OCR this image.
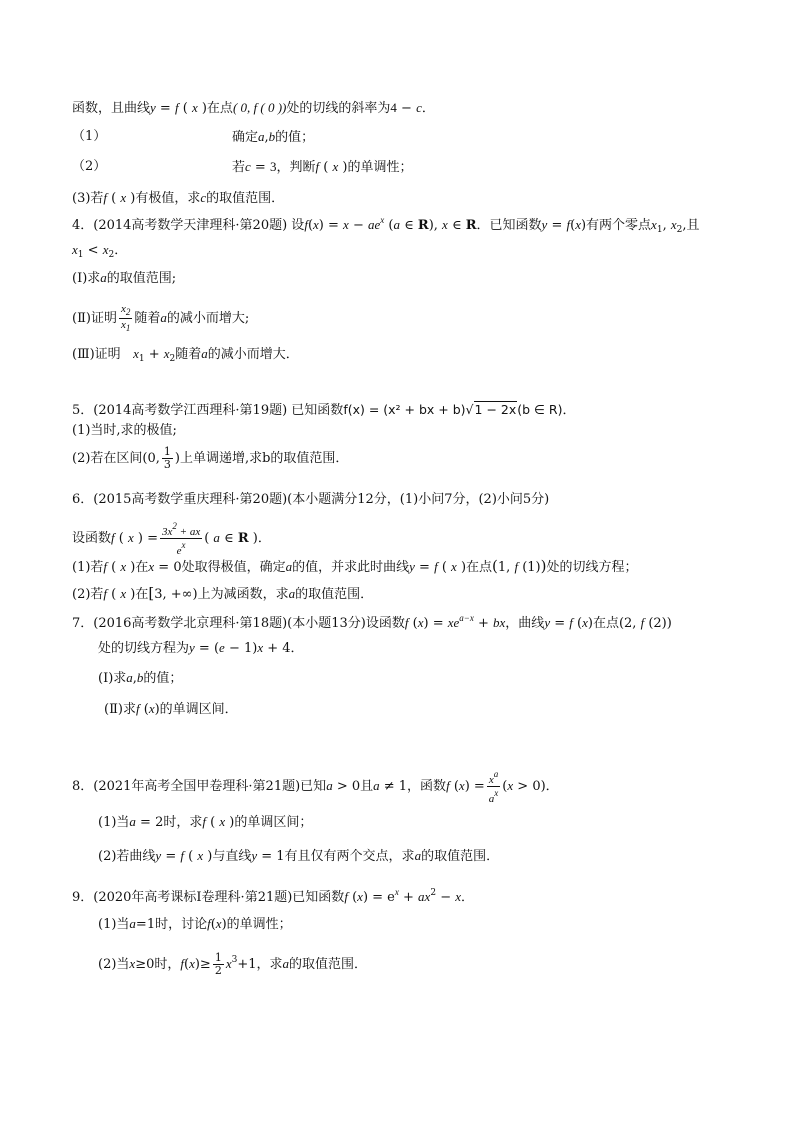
函数，且曲线y = f ( x )在点( 0, f ( 0 ))处的切线的斜率为4 − c．
（1）	确定a,b的值；
（2）	若c = 3，判断f ( x )的单调性；
(3)若f ( x )有极值，求c的取值范围．
4．(2014高考数学天津理科·第20题) 设$f(x) = x - ae^x$ (a ∈ R), x ∈ R．已知函数y = f(x)有两个零点$x_1$, $x_2$,且
$x_1 < x_2$．
(Ⅰ)求a的取值范围;
(Ⅱ)证明 $\frac{x_2}{x_1}$ 随着a的减小而增大;
(Ⅲ)证明   $x_1 + x_2$随着a的减小而增大．
5．(2014高考数学江西理科·第19题) 已知函数f(x) = (x² + bx + b)√1 − 2x(b ∈ R)．
(1)当时,求的极值;
(2)若在区间(0, $\frac{1}{3}$ )上单调递增,求b的取值范围．
6．(2015高考数学重庆理科·第20题)(本小题满分12分，(1)小问7分，(2)小问5分)
设函数f ( x ) = $\frac{3x^2 + ax}{e^x}$ ( a ∈ R )．
(1)若f ( x )在x = 0处取得极值，确定a的值，并求此时曲线y = f ( x )在点(1, f (1))处的切线方程；
(2)若f ( x )在[3, +∞)上为减函数，求a的取值范围．
7．(2016高考数学北京理科·第18题)(本小题13分)设函数f $(x) = xe^{a-x}$ + bx，曲线y = f (x)在点(2, f (2))
处的切线方程为y = (e − 1)x + 4．
(I)求a,b的值；
(Ⅱ)求f (x)的单调区间．
8．(2021年高考全国甲卷理科·第21题)已知a > 0且a ≠ 1，函数f $(x) = \frac{x^a}{a^x} (x > 0)$．
(1)当a = 2时，求f ( x )的单调区间；
(2)若曲线y = f ( x )与直线y = 1有且仅有两个交点，求a的取值范围．
9．(2020年高考课标Ⅰ卷理科·第21题)已知函数f $(x) = e^x + ax^2 - x$．
(1)当a=1时，讨论f(x)的单调性；
(2)当x≥0时，$f(x)\ge \frac{1}{2} x^3+1$，求a的取值范围．
